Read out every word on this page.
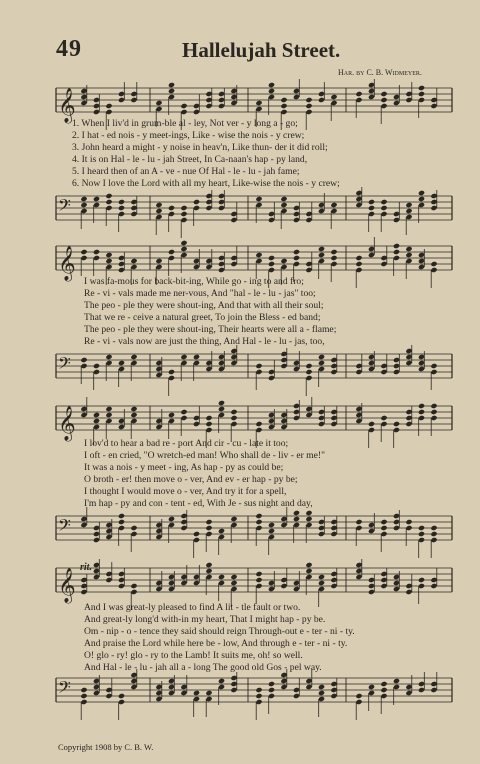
49	Hallelujah Street.
Har. by C. B. Widmeyer.
𝄞
1. When I liv'd in grum-ble al - ley, Not ver - y long a - go;
2. I hat - ed nois - y meet-ings, Like - wise the nois - y crew;
3. John heard a might - y noise in heav'n, Like thun- der it did roll;
4. It is on Hal - le - lu - jah Street, In Ca-naan's hap - py land,
5. I heard then of an A - ve - nue Of Hal - le - lu - jah fame;
6. Now I love the Lord with all my heart, Like-wise the nois - y crew;
𝄢
𝄞
I was fa-mous for back-bit-ing, While go - ing to and fro;
Re - vi - vals made me ner-vous, And "hal - le - lu - jas" too;
The peo - ple they were shout-ing, And that with all their soul;
That we re - ceive a natural greet, To join the Bless - ed band;
The peo - ple they were shout-ing, Their hearts were all a - flame;
Re - vi - vals now are just the thing, And Hal - le - lu - jas, too,
𝄢
𝄞
I lov'd to hear a bad re - port And cir - cu - late it too;
I oft - en cried, "O wretch-ed man! Who shall de - liv - er me!"
It was a nois - y meet - ing, As hap - py as could be;
O broth - er! then move o - ver, And ev - er hap - py be;
I thought I would move o - ver, And try it for a spell,
I'm hap - py and con - tent - ed, With Je - sus night and day,
𝄢
rit.
𝄞
And I was great-ly pleased to find A lit - tle fault or two.
And great-ly long'd with-in my heart, That I might hap - py be.
Om - nip - o - tence they said should reign Through-out e - ter - ni - ty.
And praise the Lord while here be - low, And through e - ter - ni - ty.
O! glo - ry! glo - ry to the Lamb! It suits me, oh! so well.
And Hal - le - lu - jah all a - long The good old Gos - pel way.
𝄢
Copyright 1908 by C. B. W.
